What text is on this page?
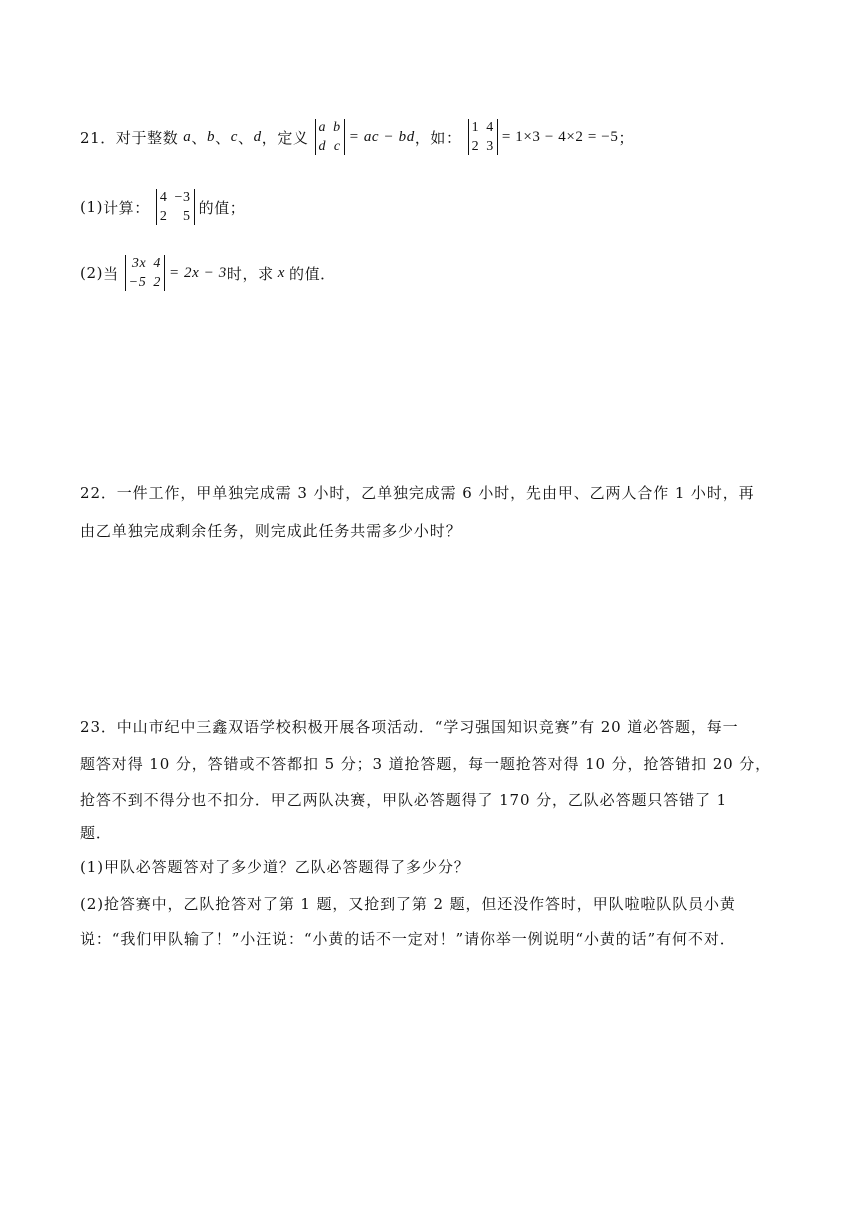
21． 对于整数 a 、 b 、 c 、 d ， 定义
a b
d c
= ac − bd ，如：
1 4
2 3
= 1×3 − 4×2 = −5 ；
(1) 计算：
4 −3
2	5 的值；
(2) 当
3x 4
−5 2
= 2x − 3 时，求 x 的值．
22．一件工作，甲单独完成需 3 小时，乙单独完成需 6 小时，先由甲、乙两人合作 1 小时，再
由乙单独完成剩余任务，则完成此任务共需多少小时？
23．中山市纪中三鑫双语学校积极开展各项活动．“学习强国知识竞赛”有 20 道必答题，每一
题答对得 10 分，答错或不答都扣 5 分；3 道抢答题，每一题抢答对得 10 分，抢答错扣 20 分，
抢答不到不得分也不扣分．甲乙两队决赛，甲队必答题得了 170 分，乙队必答题只答错了 1
题．
(1)甲队必答题答对了多少道？乙队必答题得了多少分？
(2)抢答赛中，乙队抢答对了第 1 题，又抢到了第 2 题，但还没作答时，甲队啦啦队队员小黄
说：“我们甲队输了！”小汪说：“小黄的话不一定对！”请你举一例说明“小黄的话”有何不对．
